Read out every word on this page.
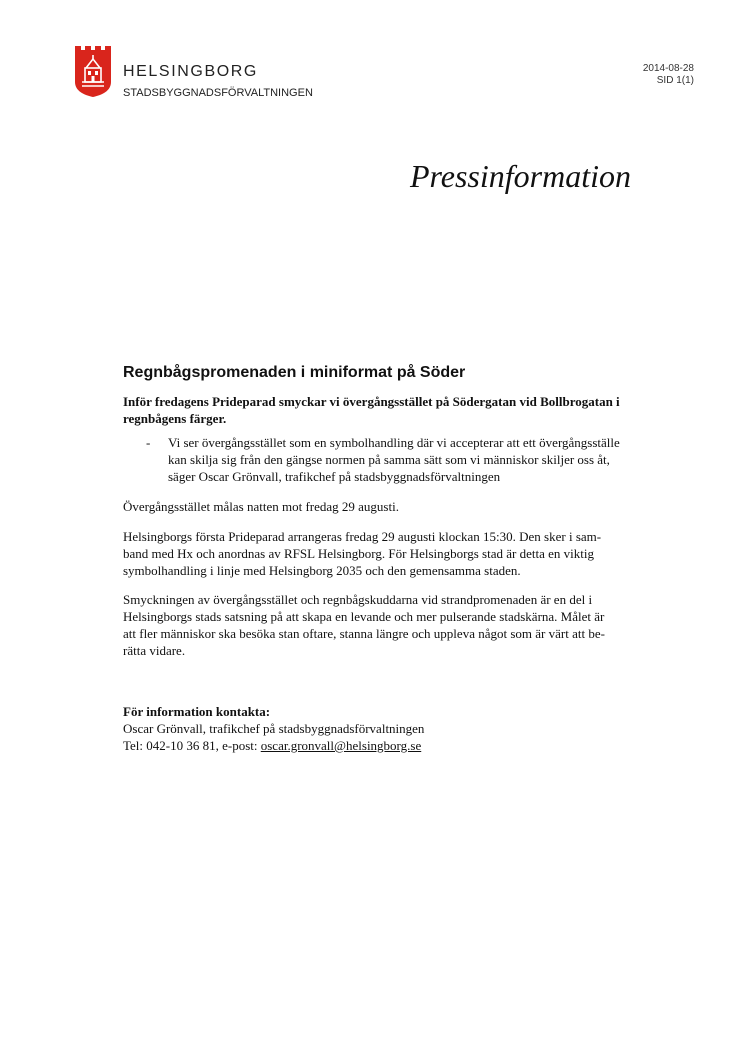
HELSINGBORG
STADSBYGGNADSFÖRVALTNINGEN
2014-08-28
SID 1(1)
Pressinformation
Regnbågspromenaden i miniformat på Söder
Inför fredagens Prideparad smyckar vi övergångsstället på Södergatan vid Bollbrogatan i
regnbågens färger.
- Vi ser övergångsstället som en symbolhandling där vi accepterar att ett övergångsställe
kan skilja sig från den gängse normen på samma sätt som vi människor skiljer oss åt,
säger Oscar Grönvall, trafikchef på stadsbyggnadsförvaltningen

Övergångsstället målas natten mot fredag 29 augusti.

Helsingborgs första Prideparad arrangeras fredag 29 augusti klockan 15:30. Den sker i sam-
band med Hx och anordnas av RFSL Helsingborg. För Helsingborgs stad är detta en viktig
symbolhandling i linje med Helsingborg 2035 och den gemensamma staden.
Smyckningen av övergångsstället och regnbågskuddarna vid strandpromenaden är en del i
Helsingborgs stads satsning på att skapa en levande och mer pulserande stadskärna. Målet är
att fler människor ska besöka stan oftare, stanna längre och uppleva något som är värt att be-
rätta vidare.
För information kontakta:
Oscar Grönvall, trafikchef på stadsbyggnadsförvaltningen
Tel: 042-10 36 81, e-post: oscar.gronvall@helsingborg.se
